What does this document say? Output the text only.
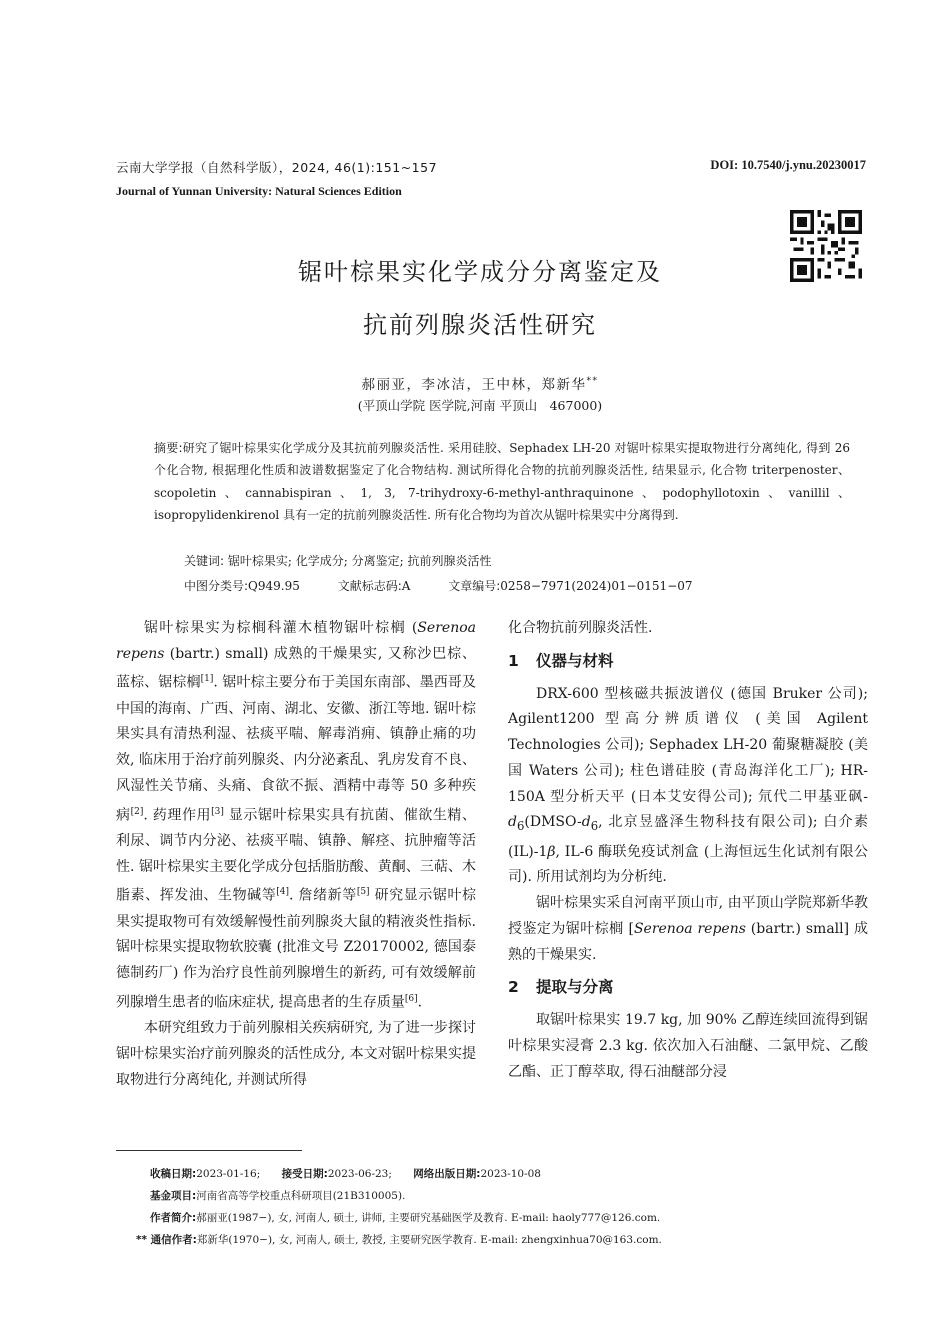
云南大学学报（自然科学版），2024, 46(1):151~157
Journal of Yunnan University: Natural Sciences Edition
DOI: 10.7540/j.ynu.20230017
锯叶棕果实化学成分分离鉴定及
抗前列腺炎活性研究
郝丽亚，李冰洁，王中林，郑新华**
(平顶山学院 医学院,河南 平顶山　467000)
摘要:研究了锯叶棕果实化学成分及其抗前列腺炎活性. 采用硅胶、Sephadex LH-20 对锯叶棕果实提取物进行分离纯化, 得到 26 个化合物, 根据理化性质和波谱数据鉴定了化合物结构. 测试所得化合物的抗前列腺炎活性, 结果显示, 化合物 triterpenoster、scopoletin、cannabispiran、1, 3, 7-trihydroxy-6-methyl-anthraquinone、podophyllotoxin、vanillil、isopropylidenkirenol 具有一定的抗前列腺炎活性. 所有化合物均为首次从锯叶棕果实中分离得到.
关键词: 锯叶棕果实; 化学成分; 分离鉴定; 抗前列腺炎活性
中图分类号:Q949.95	文献标志码:A	文章编号:0258−7971(2024)01−0151−07

锯叶棕果实为棕榈科灌木植物锯叶棕榈 (Serenoa repens (bartr.) small) 成熟的干燥果实, 又称沙巴棕、蓝棕、锯棕榈[1]. 锯叶棕主要分布于美国东南部、墨西哥及中国的海南、广西、河南、湖北、安徽、浙江等地. 锯叶棕果实具有清热利湿、祛痰平喘、解毒消痈、镇静止痛的功效, 临床用于治疗前列腺炎、内分泌紊乱、乳房发育不良、风湿性关节痛、头痛、食欲不振、酒精中毒等 50 多种疾病[2]. 药理作用[3] 显示锯叶棕果实具有抗菌、催欲生精、利尿、调节内分泌、祛痰平喘、镇静、解痉、抗肿瘤等活性. 锯叶棕果实主要化学成分包括脂肪酸、黄酮、三萜、木脂素、挥发油、生物碱等[4]. 詹绪新等[5] 研究显示锯叶棕果实提取物可有效缓解慢性前列腺炎大鼠的精液炎性指标. 锯叶棕果实提取物软胶囊 (批准文号 Z20170002, 德国泰德制药厂) 作为治疗良性前列腺增生的新药, 可有效缓解前列腺增生患者的临床症状, 提高患者的生存质量[6].

本研究组致力于前列腺相关疾病研究, 为了进一步探讨锯叶棕果实治疗前列腺炎的活性成分, 本文对锯叶棕果实提取物进行分离纯化, 并测试所得

化合物抗前列腺炎活性.

1 仪器与材料

DRX-600 型核磁共振波谱仪 (德国 Bruker 公司); Agilent1200 型高分辨质谱仪 (美国 Agilent Technologies 公司); Sephadex LH-20 葡聚糖凝胶 (美国 Waters 公司); 柱色谱硅胶 (青岛海洋化工厂); HR-150A 型分析天平 (日本艾安得公司); 氘代二甲基亚砜$-d_6(DMSO-d_6$, 北京昱盛泽生物科技有限公司); 白介素 (IL)-1β, IL-6 酶联免疫试剂盒 (上海恒远生化试剂有限公司). 所用试剂均为分析纯.

锯叶棕果实采自河南平顶山市, 由平顶山学院郑新华教授鉴定为锯叶棕榈 [Serenoa repens (bartr.) small] 成熟的干燥果实.

2 提取与分离

取锯叶棕果实 19.7 kg, 加 90% 乙醇连续回流得到锯叶棕果实浸膏 2.3 kg. 依次加入石油醚、二氯甲烷、乙酸乙酯、正丁醇萃取, 得石油醚部分浸

收稿日期:2023-01-16; 接受日期:2023-06-23; 网络出版日期:2023-10-08
基金项目:河南省高等学校重点科研项目(21B310005).
作者简介:郝丽亚(1987−), 女, 河南人, 硕士, 讲师, 主要研究基础医学及教育. E-mail: haoly777@126.com.
** 通信作者:郑新华(1970−), 女, 河南人, 硕士, 教授, 主要研究医学教育. E-mail: zhengxinhua70@163.com.
